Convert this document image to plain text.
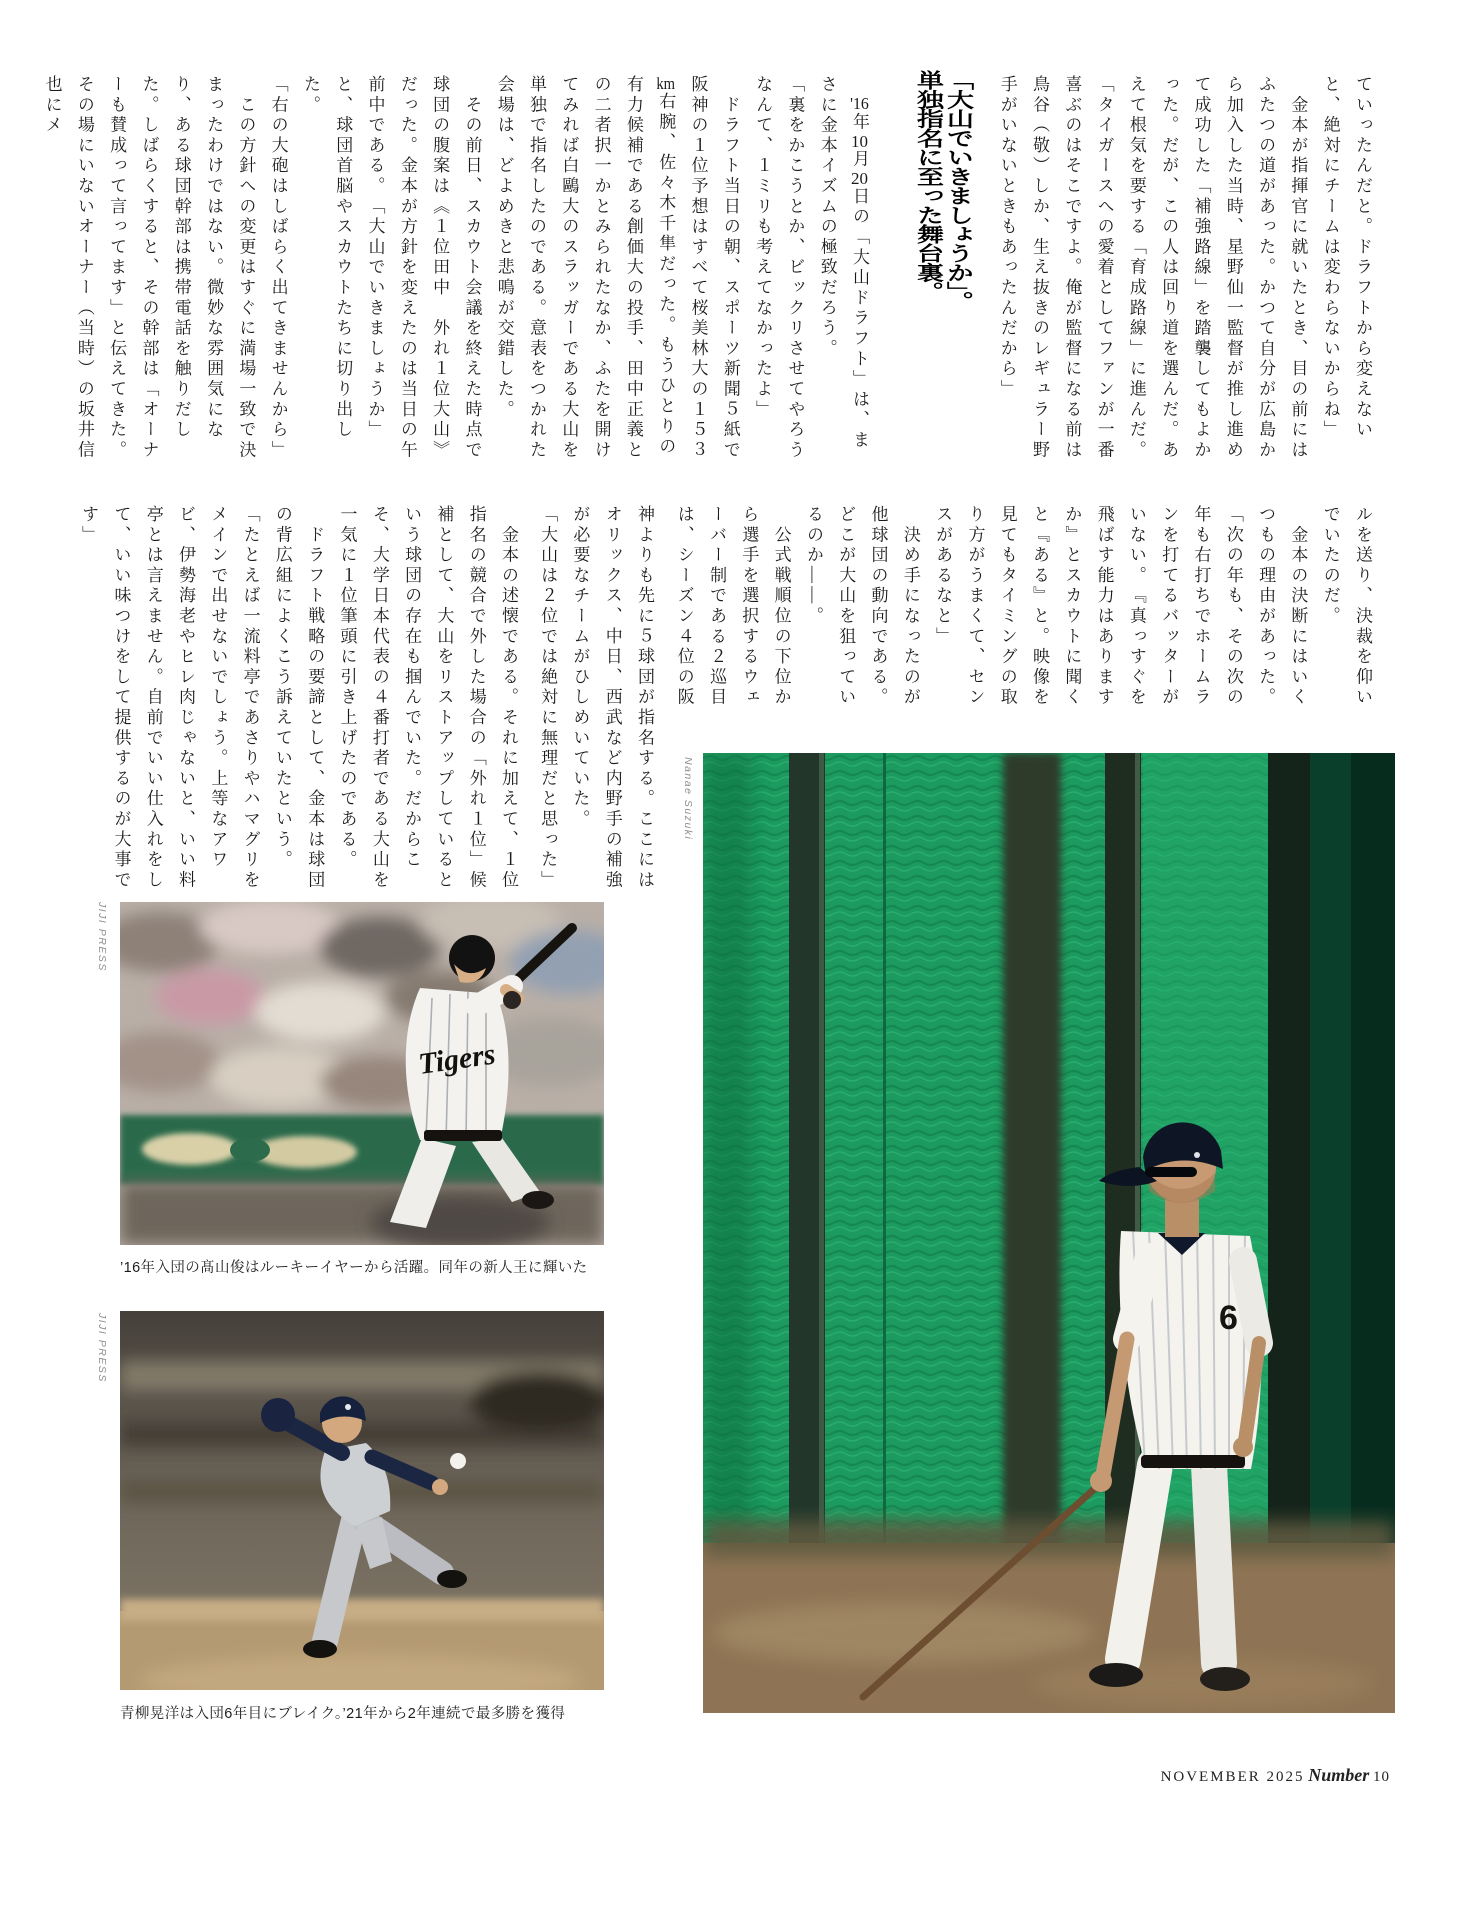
ていったんだと。ドラフトから変えないと、絶対にチームは変わらないからね」
　金本が指揮官に就いたとき、目の前にはふたつの道があった。かつて自分が広島から加入した当時、星野仙一監督が推し進めて成功した「補強路線」を踏襲してもよかった。だが、この人は回り道を選んだ。あえて根気を要する「育成路線」に進んだ。
「タイガースへの愛着としてファンが一番喜ぶのはそこですよ。俺が監督になる前は鳥谷（敬）しか、生え抜きのレギュラー野手がいないときもあったんだから」
「大山でいきましょうか」。
単独指名に至った舞台裏。
　'16年10月20日の「大山ドラフト」は、まさに金本イズムの極致だろう。
「裏をかこうとか、ビックリさせてやろうなんて、１ミリも考えてなかったよ」
　ドラフト当日の朝、スポーツ新聞５紙で阪神の１位予想はすべて桜美林大の１５３km右腕、佐々木千隼だった。もうひとりの有力候補である創価大の投手、田中正義との二者択一かとみられたなか、ふたを開けてみれば白鷗大のスラッガーである大山を単独で指名したのである。意表をつかれた会場は、どよめきと悲鳴が交錯した。
　その前日、スカウト会議を終えた時点で球団の腹案は《１位田中　外れ１位大山》だった。金本が方針を変えたのは当日の午前中である。「大山でいきましょうか」と、球団首脳やスカウトたちに切り出した。
「右の大砲はしばらく出てきませんから」
　この方針への変更はすぐに満場一致で決まったわけではない。微妙な雰囲気になり、ある球団幹部は携帯電話を触りだした。しばらくすると、その幹部は「オーナーも賛成って言ってます」と伝えてきた。その場にいないオーナー（当時）の坂井信也にメ
ルを送り、決裁を仰いでいたのだ。
　金本の決断にはいくつもの理由があった。
「次の年も、その次の年も右打ちでホームランを打てるバッターがいない。『真っすぐを飛ばす能力はありますか』とスカウトに聞くと『ある』と。映像を見てもタイミングの取り方がうまくて、センスがあるなと」
　決め手になったのが他球団の動向である。どこが大山を狙っているのか――。
　公式戦順位の下位から選手を選択するウェーバー制である２巡目は、シーズン４位の阪
神よりも先に５球団が指名する。ここにはオリックス、中日、西武など内野手の補強が必要なチームがひしめいていた。
「大山は２位では絶対に無理だと思った」
　金本の述懐である。それに加えて、１位指名の競合で外した場合の「外れ１位」候補として、大山をリストアップしているという球団の存在も掴んでいた。だからこそ、大学日本代表の４番打者である大山を一気に１位筆頭に引き上げたのである。
　ドラフト戦略の要諦として、金本は球団の背広組によくこう訴えていたという。
「たとえば一流料亭であさりやハマグリをメインで出せないでしょう。上等なアワビ、伊勢海老やヒレ肉じゃないと、いい料亭とは言えません。自前でいい仕入れをして、いい味つけをして提供するのが大事です」
Nanae Suzuki
6
JIJI PRESS
Tigers
’16年入団の髙山俊はルーキーイヤーから活躍。同年の新人王に輝いた
JIJI PRESS
青柳晃洋は入団6年目にブレイク。’21年から2年連続で最多勝を獲得
NOVEMBER 2025 Number 10
